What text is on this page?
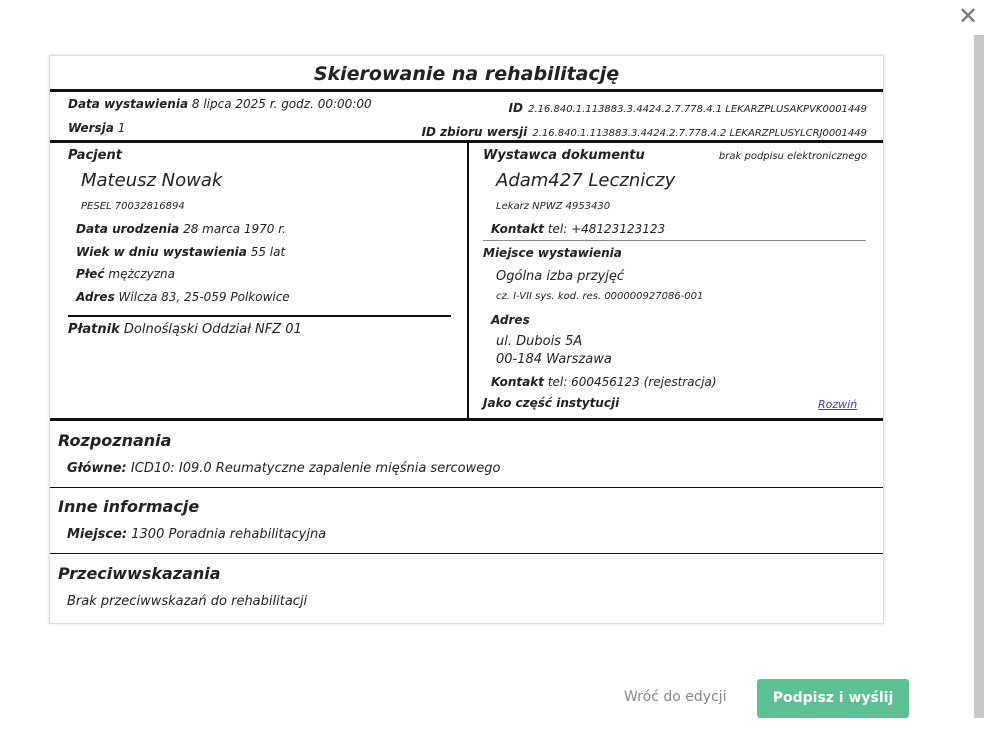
✕
Skierowanie na rehabilitację
Data wystawienia 8 lipca 2025 r. godz. 00:00:00	ID 2.16.840.1.113883.3.4424.2.7.778.4.1 LEKARZPLUSAKPVK0001449
Wersja 1	ID zbioru wersji 2.16.840.1.113883.3.4424.2.7.778.4.2 LEKARZPLUSYLCRJ0001449
Pacjent
Mateusz Nowak
PESEL 70032816894
Data urodzenia 28 marca 1970 r.
Wiek w dniu wystawienia 55 lat
Płeć mężczyzna
Adres Wilcza 83, 25-059 Polkowice
Płatnik Dolnośląski Oddział NFZ 01
Wystawca dokumentu	brak podpisu elektronicznego
Adam427 Leczniczy
Lekarz NPWZ 4953430
Kontakt tel: +48123123123
Miejsce wystawienia
Ogólna izba przyjęć
cz. I-VII sys. kod. res. 000000927086-001
Adres
ul. Dubois 5A
00-184 Warszawa
Kontakt tel: 600456123 (rejestracja)
Jako część instytucji	Rozwiń
Rozpoznania
Główne: ICD10: I09.0 Reumatyczne zapalenie mięśnia sercowego
Inne informacje
Miejsce: 1300 Poradnia rehabilitacyjna
Przeciwwskazania
Brak przeciwwskazań do rehabilitacji
Wróć do edycji	Podpisz i wyślij
